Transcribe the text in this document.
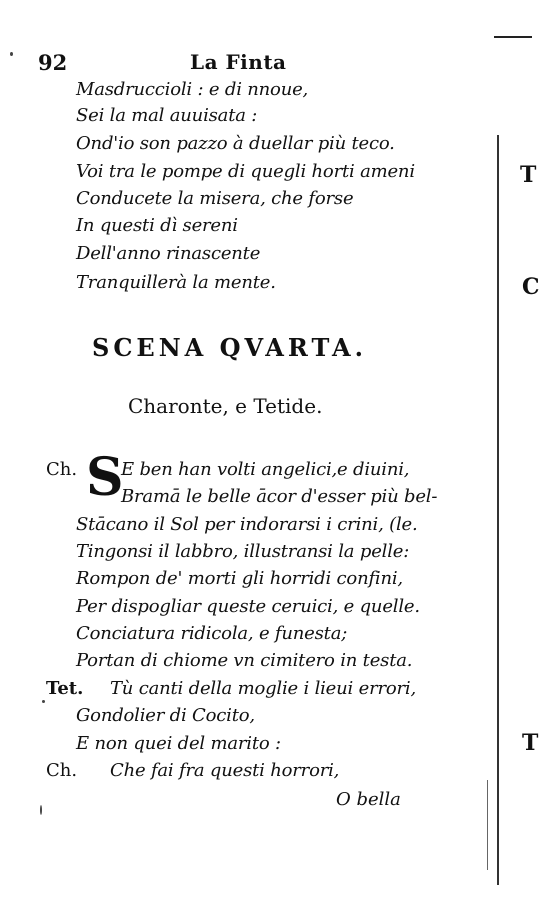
T
C
T
92	La Finta
Masdruccioli : e di nnoue,
Sei la mal auuisata :
Ond'io son pazzo à duellar più teco.
Voi tra le pompe di quegli horti ameni
Conducete la misera, che forse
In questi dì sereni
Dell'anno rinascente
Tranquillerà la mente.
SCENA QVARTA.
Charonte, e Tetide.
Ch. S
E ben han volti angelici,e diuini,
Bramā le belle ācor d'esser più bel-
Stācano il Sol per indorarsi i crini, (le.
Tingonsi il labbro, illustransi la pelle:
Rompon de' morti gli horridi confini,
Per dispogliar queste ceruici, e quelle.
Conciatura ridicola, e funesta;
Portan di chiome vn cimitero in testa.
Tet. Tù canti della moglie i lieui errori,
Gondolier di Cocito,
E non quei del marito :
Ch. Che fai fra questi horrori,
O bella
